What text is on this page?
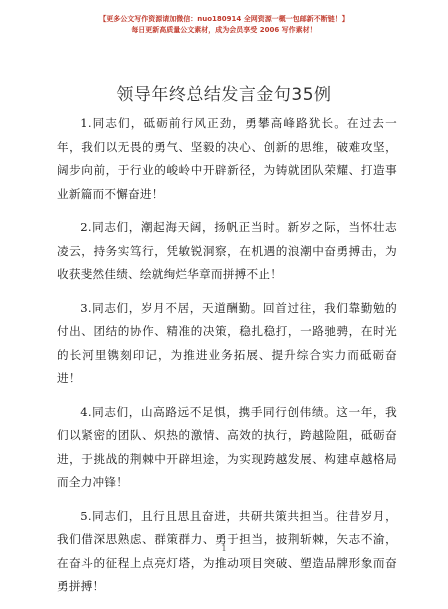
【更多公文写作资源请加微信：nuo180914 全网资源一概一包邮新不断链！】
每日更新高质量公文素材，成为会员享受 2006 写作素材！
领导年终总结发言金句35例

1.同志们，砥砺前行风正劲，勇攀高峰路犹长。在过去一年，我们以无畏的勇气、坚毅的决心、创新的思维，破难攻坚，阔步向前，于行业的峻岭中开辟新径，为铸就团队荣耀、打造事业新篇而不懈奋进！

2.同志们，潮起海天阔，扬帆正当时。新岁之际，当怀壮志凌云，持务实笃行，凭敏锐洞察，在机遇的浪潮中奋勇搏击，为收获斐然佳绩、绘就绚烂华章而拼搏不止！

3.同志们，岁月不居，天道酬勤。回首过往，我们靠勤勉的付出、团结的协作、精准的决策，稳扎稳打，一路驰骋，在时光的长河里镌刻印记，为推进业务拓展、提升综合实力而砥砺奋进！

4.同志们，山高路远不足惧，携手同行创伟绩。这一年，我们以紧密的团队、炽热的激情、高效的执行，跨越险阻，砥砺奋进，于挑战的荆棘中开辟坦途，为实现跨越发展、构建卓越格局而全力冲锋！

5.同志们，且行且思且奋进，共研共策共担当。往昔岁月，我们借深思熟虑、群策群力、勇于担当，披荆斩棘，矢志不渝，在奋斗的征程上点亮灯塔，为推动项目突破、塑造品牌形象而奋勇拼搏！

1
